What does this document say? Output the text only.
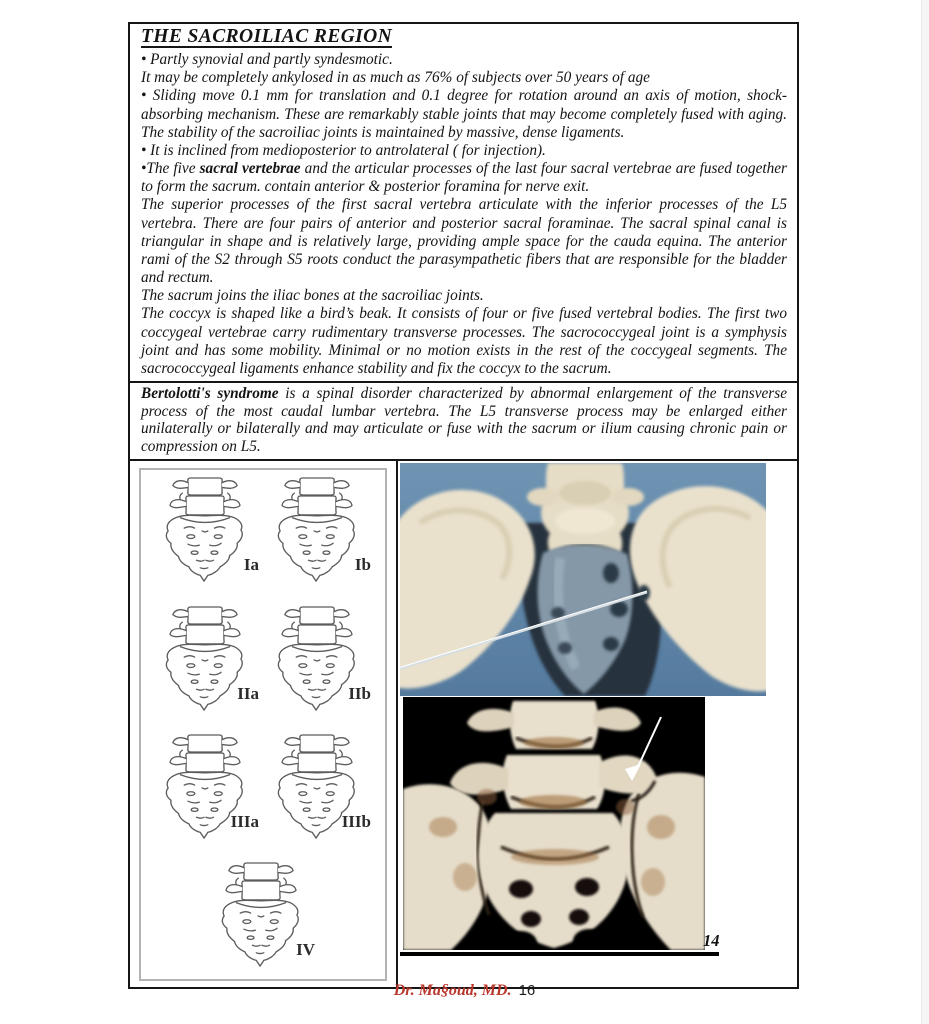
THE SACROILIAC REGION
• Partly synovial and partly syndesmotic.
It may be completely ankylosed in as much as 76% of subjects over 50 years of age
• Sliding move 0.1 mm for translation and 0.1 degree for rotation around an axis of motion, shock- absorbing mechanism. These are remarkably stable joints that may become completely fused with aging. The stability of the sacroiliac joints is maintained by massive, dense ligaments.
• It is inclined from medioposterior to antrolateral ( for injection).
•The five sacral vertebrae and the articular processes of the last four sacral vertebrae are fused together to form the sacrum. contain anterior & posterior foramina for nerve exit.
The superior processes of the first sacral vertebra articulate with the inferior processes of the L5 vertebra. There are four pairs of anterior and posterior sacral foraminae. The sacral spinal canal is triangular in shape and is relatively large, providing ample space for the cauda equina. The anterior rami of the S2 through S5 roots conduct the parasympathetic fibers that are responsible for the bladder and rectum.
The sacrum joins the iliac bones at the sacroiliac joints.
The coccyx is shaped like a bird’s beak. It consists of four or five fused vertebral bodies. The first two coccygeal vertebrae carry rudimentary transverse processes. The sacrococcygeal joint is a symphysis joint and has some mobility. Minimal or no motion exists in the rest of the coccygeal segments. The sacrococcygeal ligaments enhance stability and fix the coccyx to the sacrum.
Bertolotti's syndrome is a spinal disorder characterized by abnormal enlargement of the transverse process of the most caudal lumbar vertebra. The L5 transverse process may be enlarged either unilaterally or bilaterally and may articulate or fuse with the sacrum or ilium causing chronic pain or compression on L5.
Ia	Ib
IIa	IIb
IIIa	IIIb
IV	14
Dr. Ma§oud, MD. 16
